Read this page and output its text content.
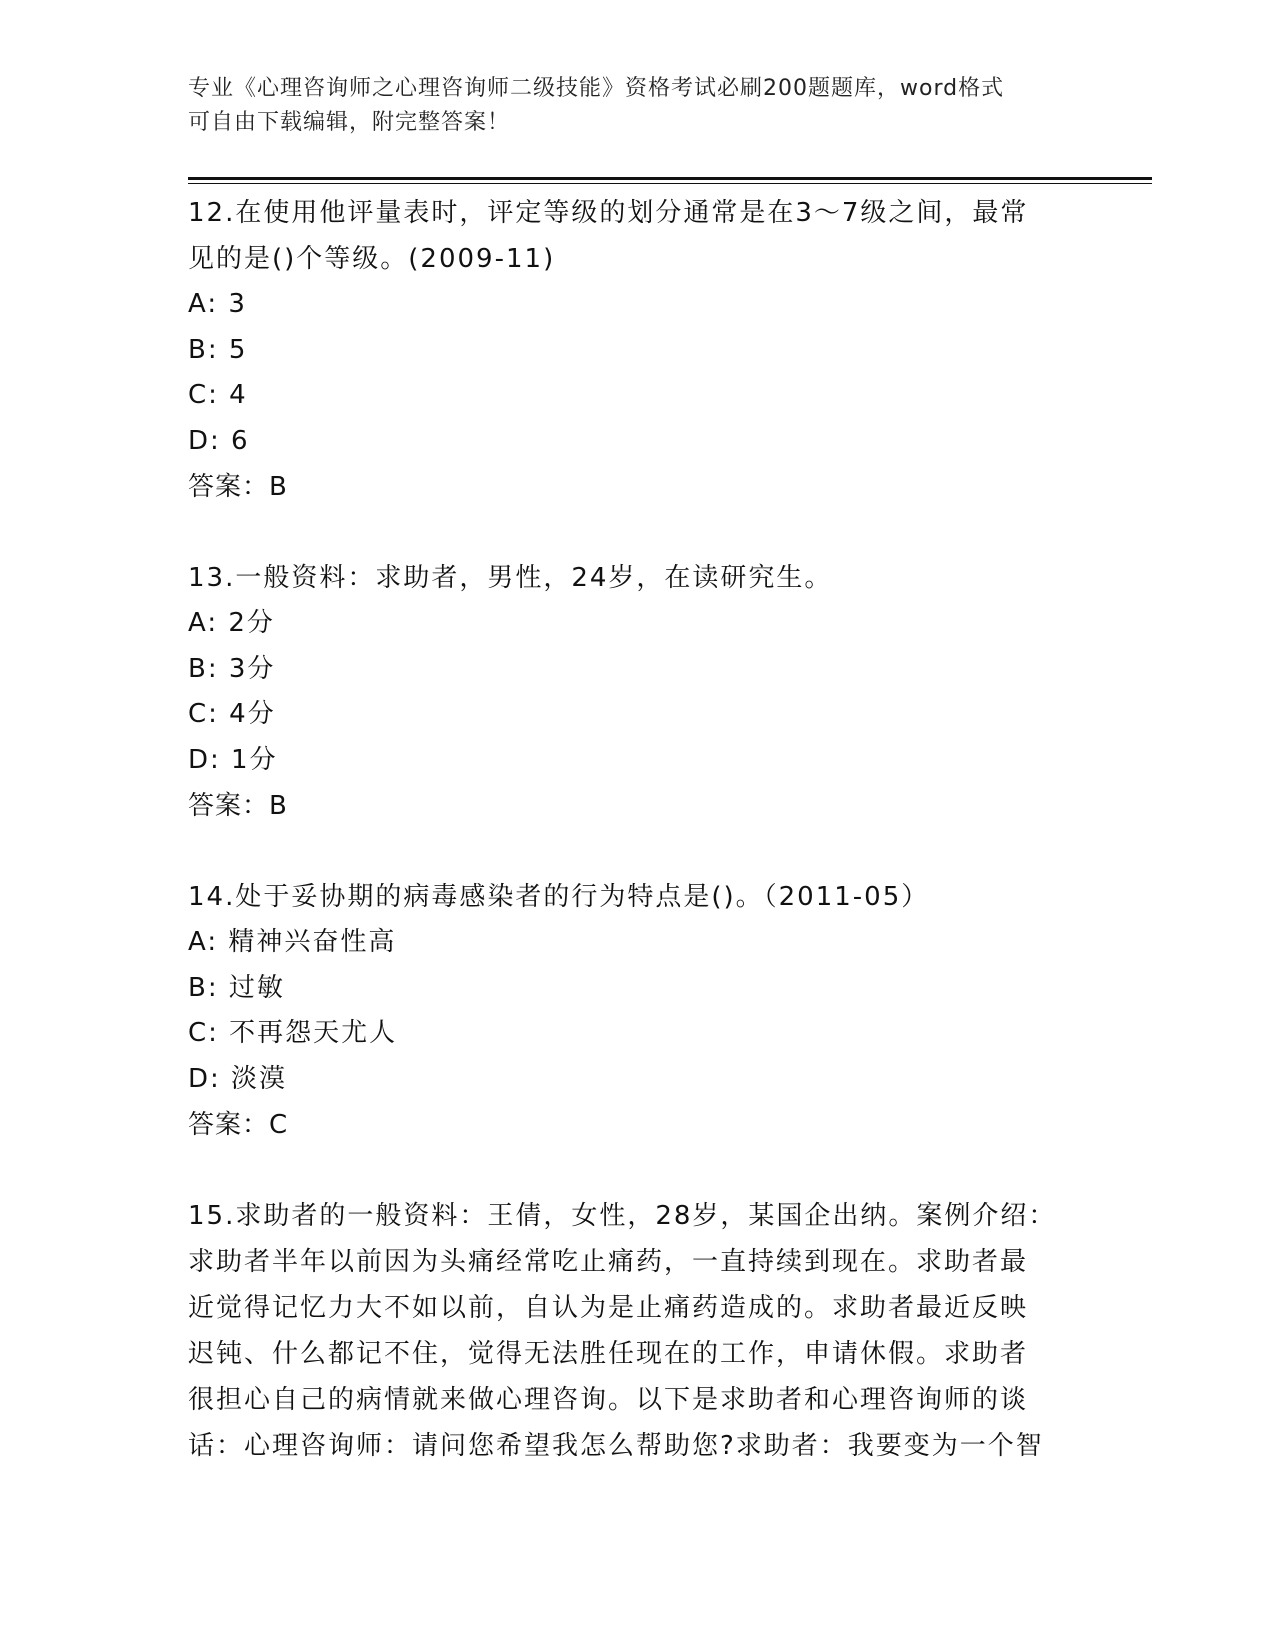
专业《心理咨询师之心理咨询师二级技能》资格考试必刷200题题库，word格式
可自由下载编辑，附完整答案！

12.在使用他评量表时，评定等级的划分通常是在3～7级之间，最常

见的是()个等级。(2009-11)

A: 3

B: 5

C: 4

D: 6

答案：B

13.一般资料：求助者，男性，24岁，在读研究生。

A: 2分

B: 3分

C: 4分

D: 1分

答案：B

14.处于妥协期的病毒感染者的行为特点是()。（2011-05）

A: 精神兴奋性高

B: 过敏

C: 不再怨天尤人

D: 淡漠

答案：C

15.求助者的一般资料：王倩，女性，28岁，某国企出纳。案例介绍：

求助者半年以前因为头痛经常吃止痛药，一直持续到现在。求助者最

近觉得记忆力大不如以前，自认为是止痛药造成的。求助者最近反映

迟钝、什么都记不住，觉得无法胜任现在的工作，申请休假。求助者

很担心自己的病情就来做心理咨询。以下是求助者和心理咨询师的谈

话：心理咨询师：请问您希望我怎么帮助您?求助者：我要变为一个智
